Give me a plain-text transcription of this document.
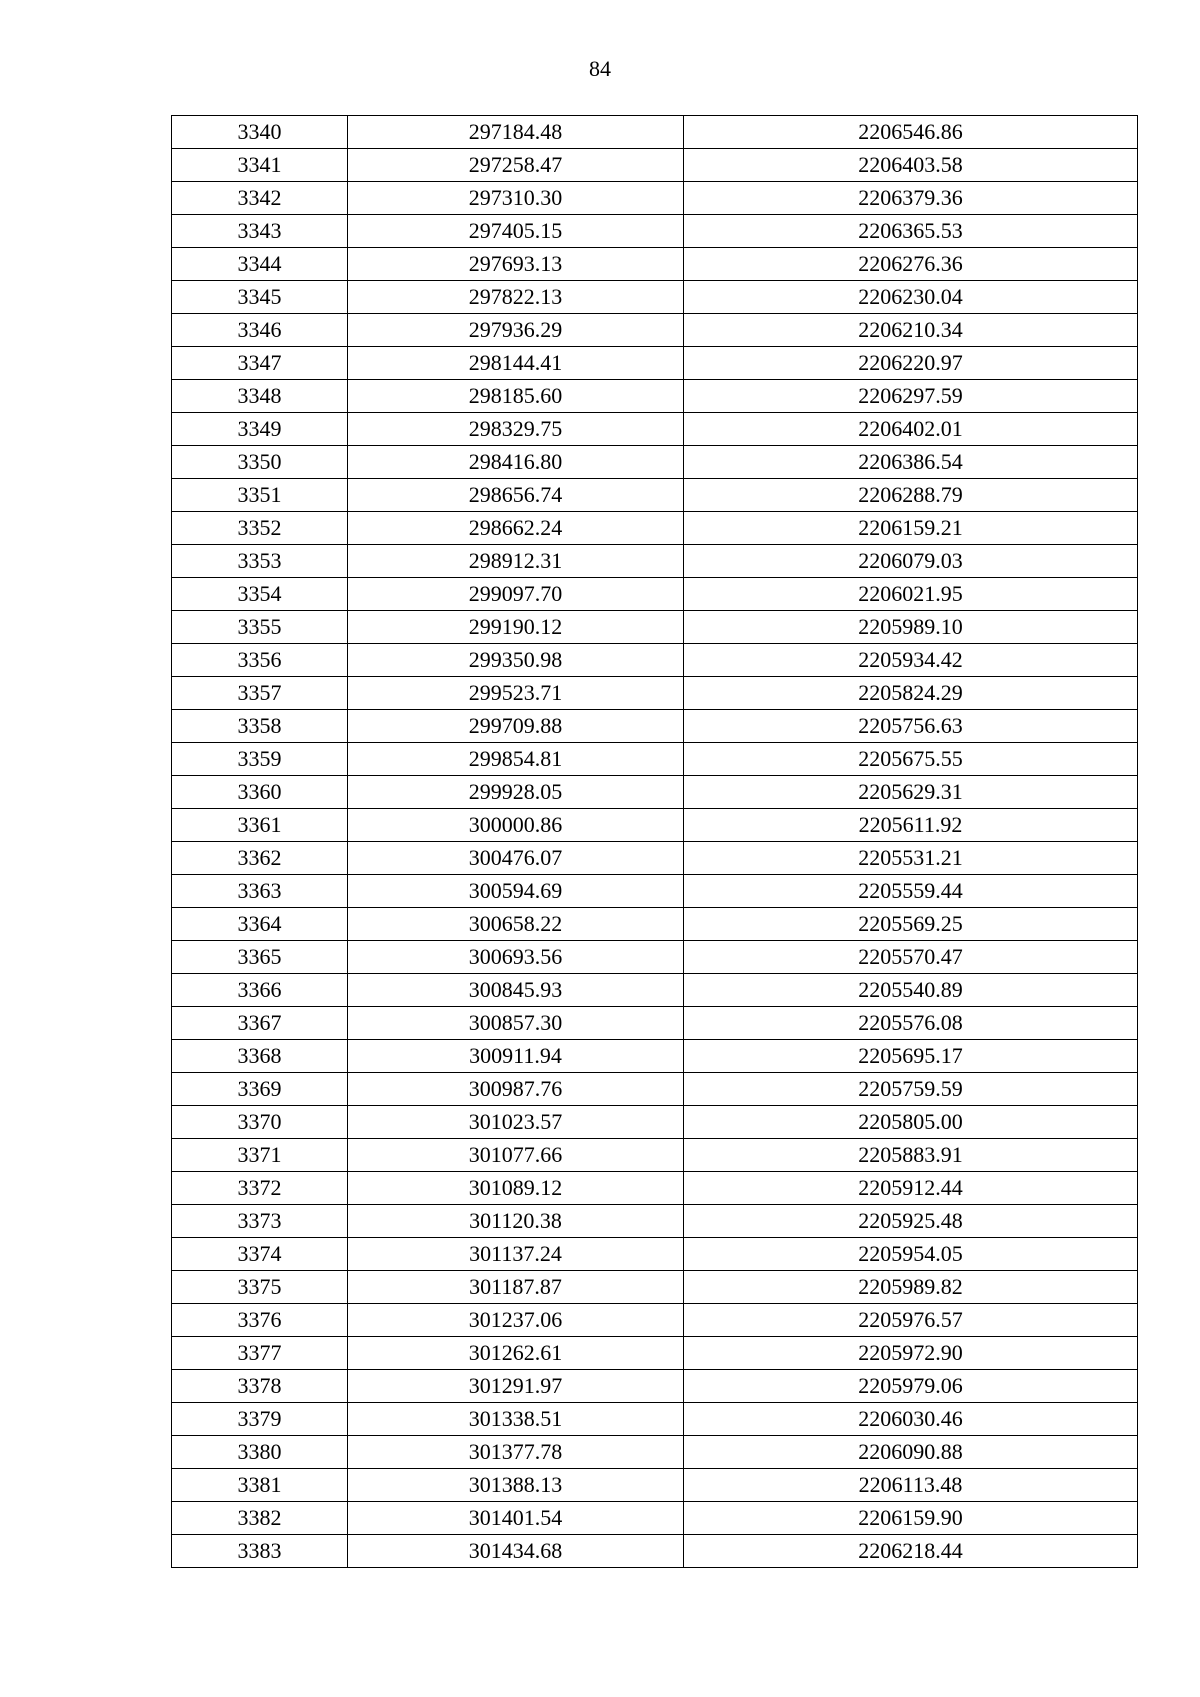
84
3340	297184.48	2206546.86
3341	297258.47	2206403.58
3342	297310.30	2206379.36
3343	297405.15	2206365.53
3344	297693.13	2206276.36
3345	297822.13	2206230.04
3346	297936.29	2206210.34
3347	298144.41	2206220.97
3348	298185.60	2206297.59
3349	298329.75	2206402.01
3350	298416.80	2206386.54
3351	298656.74	2206288.79
3352	298662.24	2206159.21
3353	298912.31	2206079.03
3354	299097.70	2206021.95
3355	299190.12	2205989.10
3356	299350.98	2205934.42
3357	299523.71	2205824.29
3358	299709.88	2205756.63
3359	299854.81	2205675.55
3360	299928.05	2205629.31
3361	300000.86	2205611.92
3362	300476.07	2205531.21
3363	300594.69	2205559.44
3364	300658.22	2205569.25
3365	300693.56	2205570.47
3366	300845.93	2205540.89
3367	300857.30	2205576.08
3368	300911.94	2205695.17
3369	300987.76	2205759.59
3370	301023.57	2205805.00
3371	301077.66	2205883.91
3372	301089.12	2205912.44
3373	301120.38	2205925.48
3374	301137.24	2205954.05
3375	301187.87	2205989.82
3376	301237.06	2205976.57
3377	301262.61	2205972.90
3378	301291.97	2205979.06
3379	301338.51	2206030.46
3380	301377.78	2206090.88
3381	301388.13	2206113.48
3382	301401.54	2206159.90
3383	301434.68	2206218.44
